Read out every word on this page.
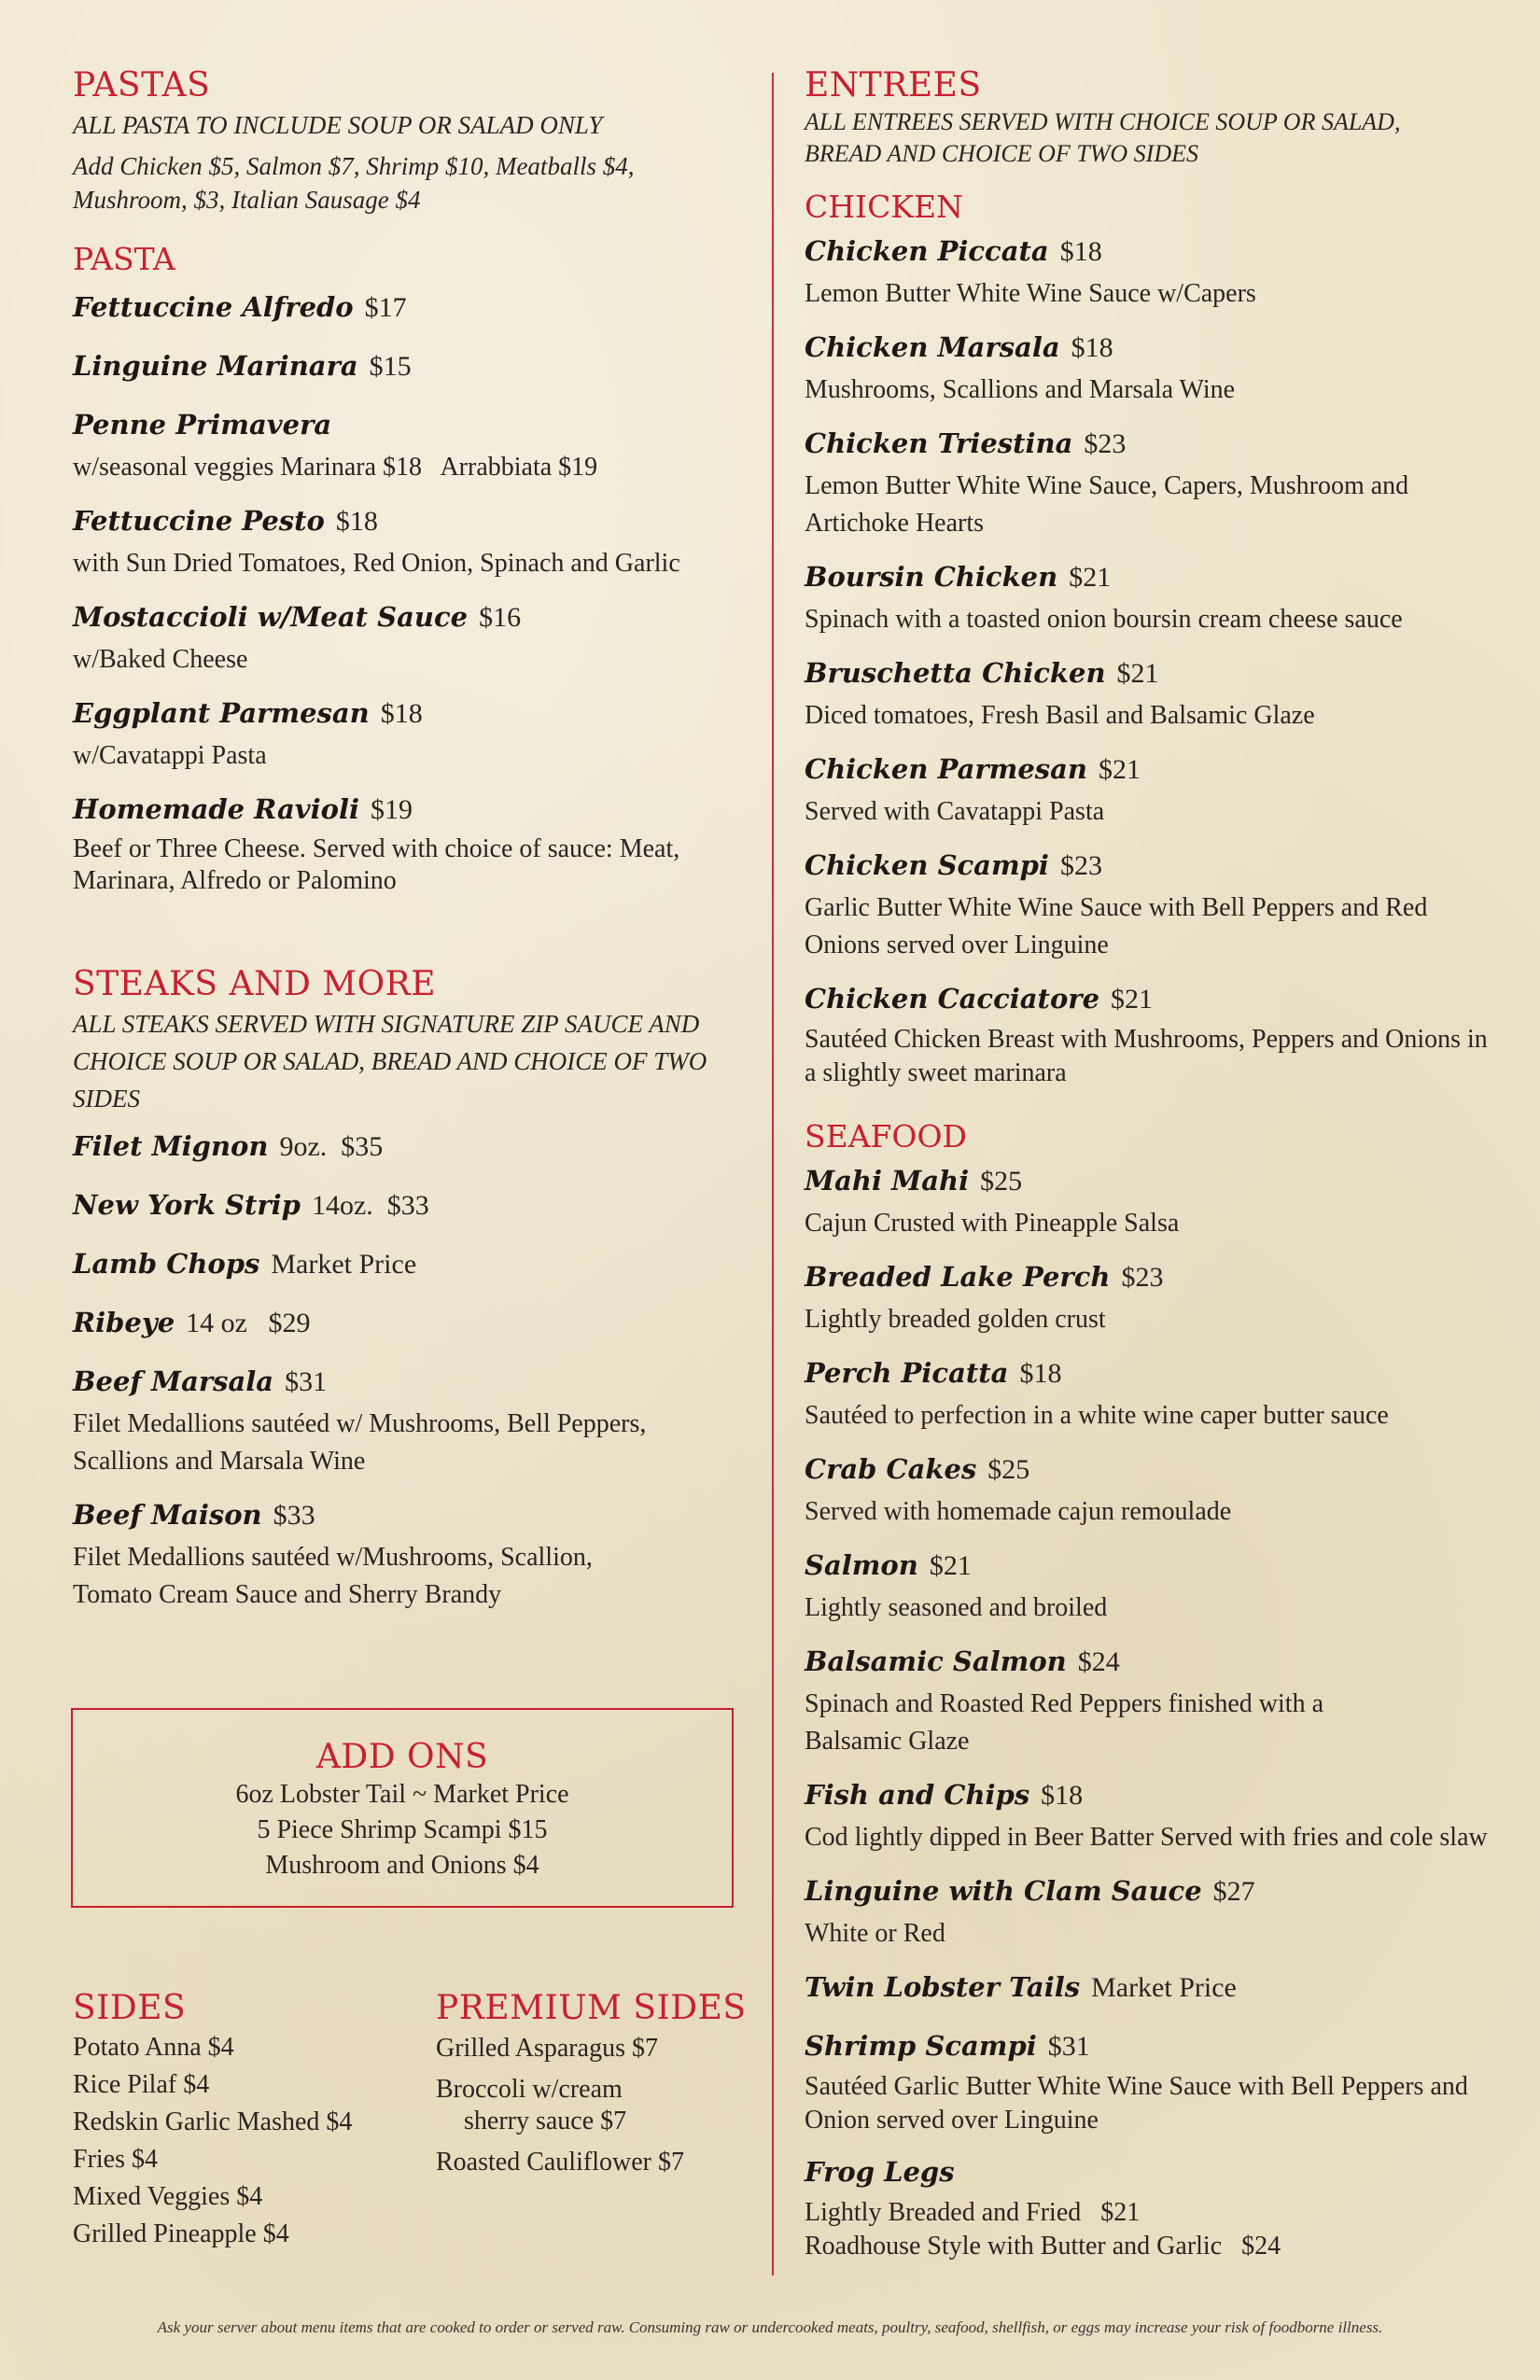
PASTAS
ALL PASTA TO INCLUDE SOUP OR SALAD ONLY
Add Chicken $5, Salmon $7, Shrimp $10, Meatballs $4, Mushroom, $3, Italian Sausage $4
PASTA
Fettuccine Alfredo $17
Linguine Marinara $15
Penne Primavera
w/seasonal veggies Marinara $18   Arrabbiata $19
Fettuccine Pesto $18
with Sun Dried Tomatoes, Red Onion, Spinach and Garlic
Mostaccioli w/Meat Sauce $16
w/Baked Cheese
Eggplant Parmesan $18
w/Cavatappi Pasta
Homemade Ravioli $19
Beef or Three Cheese. Served with choice of sauce: Meat, Marinara, Alfredo or Palomino
STEAKS AND MORE
ALL STEAKS SERVED WITH SIGNATURE ZIP SAUCE AND CHOICE SOUP OR SALAD, BREAD AND CHOICE OF TWO SIDES
Filet Mignon 9oz.  $35
New York Strip 14oz.  $33
Lamb Chops Market Price
Ribeye 14 oz   $29
Beef Marsala $31
Filet Medallions sautéed w/ Mushrooms, Bell Peppers, Scallions and Marsala Wine
Beef Maison $33
Filet Medallions sautéed w/Mushrooms, Scallion, Tomato Cream Sauce and Sherry Brandy
ADD ONS
6oz Lobster Tail ~ Market Price
5 Piece Shrimp Scampi $15
Mushroom and Onions $4
SIDES
Potato Anna $4
Rice Pilaf $4
Redskin Garlic Mashed $4
Fries $4
Mixed Veggies $4
Grilled Pineapple $4
PREMIUM SIDES
Grilled Asparagus $7
Broccoli w/cream
sherry sauce $7
Roasted Cauliflower $7
ENTREES
ALL ENTREES SERVED WITH CHOICE SOUP OR SALAD, BREAD AND CHOICE OF TWO SIDES
CHICKEN
Chicken Piccata $18
Lemon Butter White Wine Sauce w/Capers
Chicken Marsala $18
Mushrooms, Scallions and Marsala Wine
Chicken Triestina $23
Lemon Butter White Wine Sauce, Capers, Mushroom and Artichoke Hearts
Boursin Chicken $21
Spinach with a toasted onion boursin cream cheese sauce
Bruschetta Chicken $21
Diced tomatoes, Fresh Basil and Balsamic Glaze
Chicken Parmesan $21
Served with Cavatappi Pasta
Chicken Scampi $23
Garlic Butter White Wine Sauce with Bell Peppers and Red Onions served over Linguine
Chicken Cacciatore $21
Sautéed Chicken Breast with Mushrooms, Peppers and Onions in a slightly sweet marinara
SEAFOOD
Mahi Mahi $25
Cajun Crusted with Pineapple Salsa
Breaded Lake Perch $23
Lightly breaded golden crust
Perch Picatta $18
Sautéed to perfection in a white wine caper butter sauce
Crab Cakes $25
Served with homemade cajun remoulade
Salmon $21
Lightly seasoned and broiled
Balsamic Salmon $24
Spinach and Roasted Red Peppers finished with a Balsamic Glaze
Fish and Chips $18
Cod lightly dipped in Beer Batter Served with fries and cole slaw
Linguine with Clam Sauce $27
White or Red
Twin Lobster Tails Market Price
Shrimp Scampi $31
Sautéed Garlic Butter White Wine Sauce with Bell Peppers and Onion served over Linguine
Frog Legs
Lightly Breaded and Fried   $21
Roadhouse Style with Butter and Garlic   $24
Ask your server about menu items that are cooked to order or served raw. Consuming raw or undercooked meats, poultry, seafood, shellfish, or eggs may increase your risk of foodborne illness.
